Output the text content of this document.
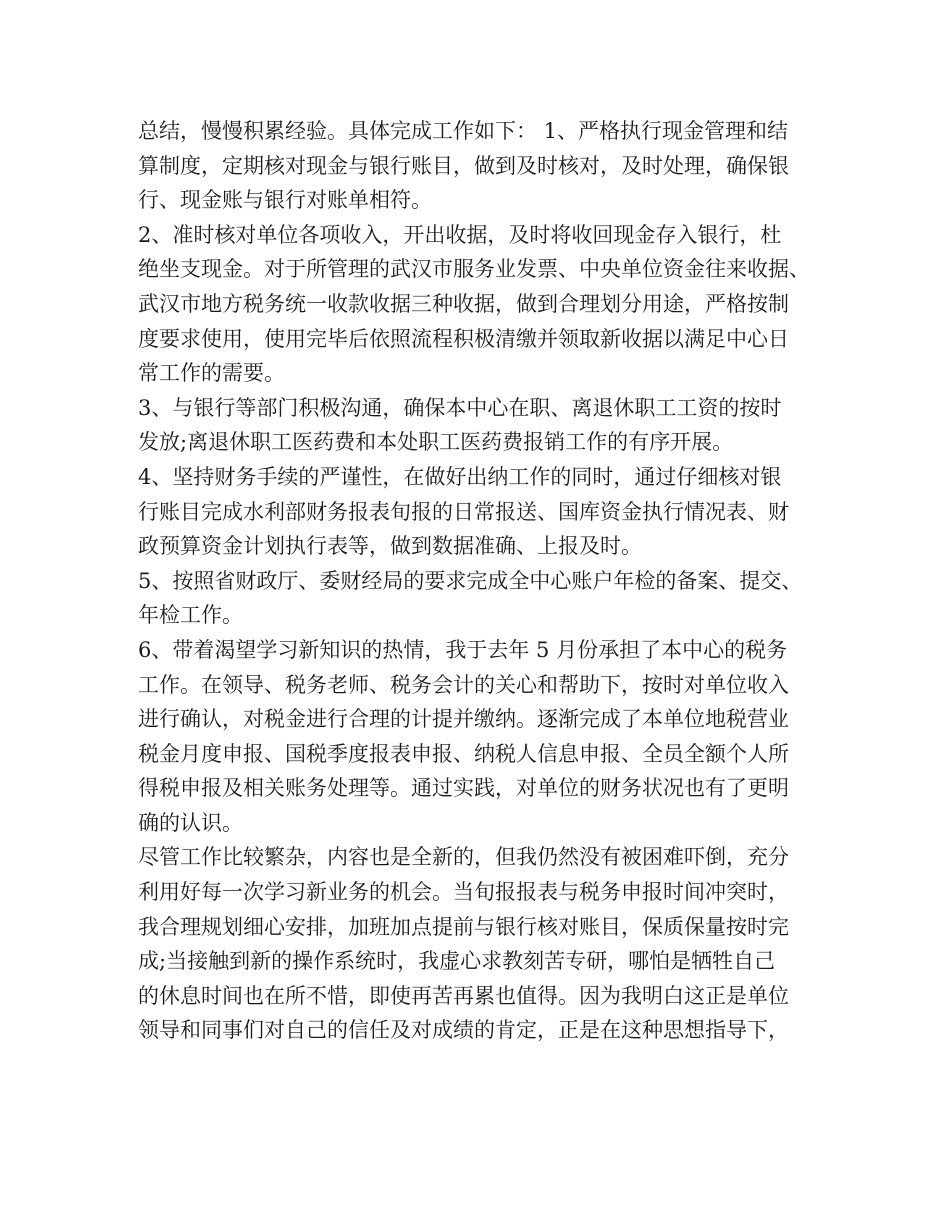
总结，慢慢积累经验。具体完成工作如下： 1、严格执行现金管理和结
算制度，定期核对现金与银行账目，做到及时核对，及时处理，确保银
行、现金账与银行对账单相符。
2、准时核对单位各项收入，开出收据，及时将收回现金存入银行，杜
绝坐支现金。对于所管理的武汉市服务业发票、中央单位资金往来收据、
武汉市地方税务统一收款收据三种收据，做到合理划分用途，严格按制
度要求使用，使用完毕后依照流程积极清缴并领取新收据以满足中心日
常工作的需要。
3、与银行等部门积极沟通，确保本中心在职、离退休职工工资的按时
发放;离退休职工医药费和本处职工医药费报销工作的有序开展。
4、坚持财务手续的严谨性，在做好出纳工作的同时，通过仔细核对银
行账目完成水利部财务报表旬报的日常报送、国库资金执行情况表、财
政预算资金计划执行表等，做到数据准确、上报及时。
5、按照省财政厅、委财经局的要求完成全中心账户年检的备案、提交、
年检工作。
6、带着渴望学习新知识的热情，我于去年 5 月份承担了本中心的税务
工作。在领导、税务老师、税务会计的关心和帮助下，按时对单位收入
进行确认，对税金进行合理的计提并缴纳。逐渐完成了本单位地税营业
税金月度申报、国税季度报表申报、纳税人信息申报、全员全额个人所
得税申报及相关账务处理等。通过实践，对单位的财务状况也有了更明
确的认识。
尽管工作比较繁杂，内容也是全新的，但我仍然没有被困难吓倒，充分
利用好每一次学习新业务的机会。当旬报报表与税务申报时间冲突时，
我合理规划细心安排，加班加点提前与银行核对账目，保质保量按时完
成;当接触到新的操作系统时，我虚心求教刻苦专研，哪怕是牺牲自己
的休息时间也在所不惜，即使再苦再累也值得。因为我明白这正是单位
领导和同事们对自己的信任及对成绩的肯定，正是在这种思想指导下，
